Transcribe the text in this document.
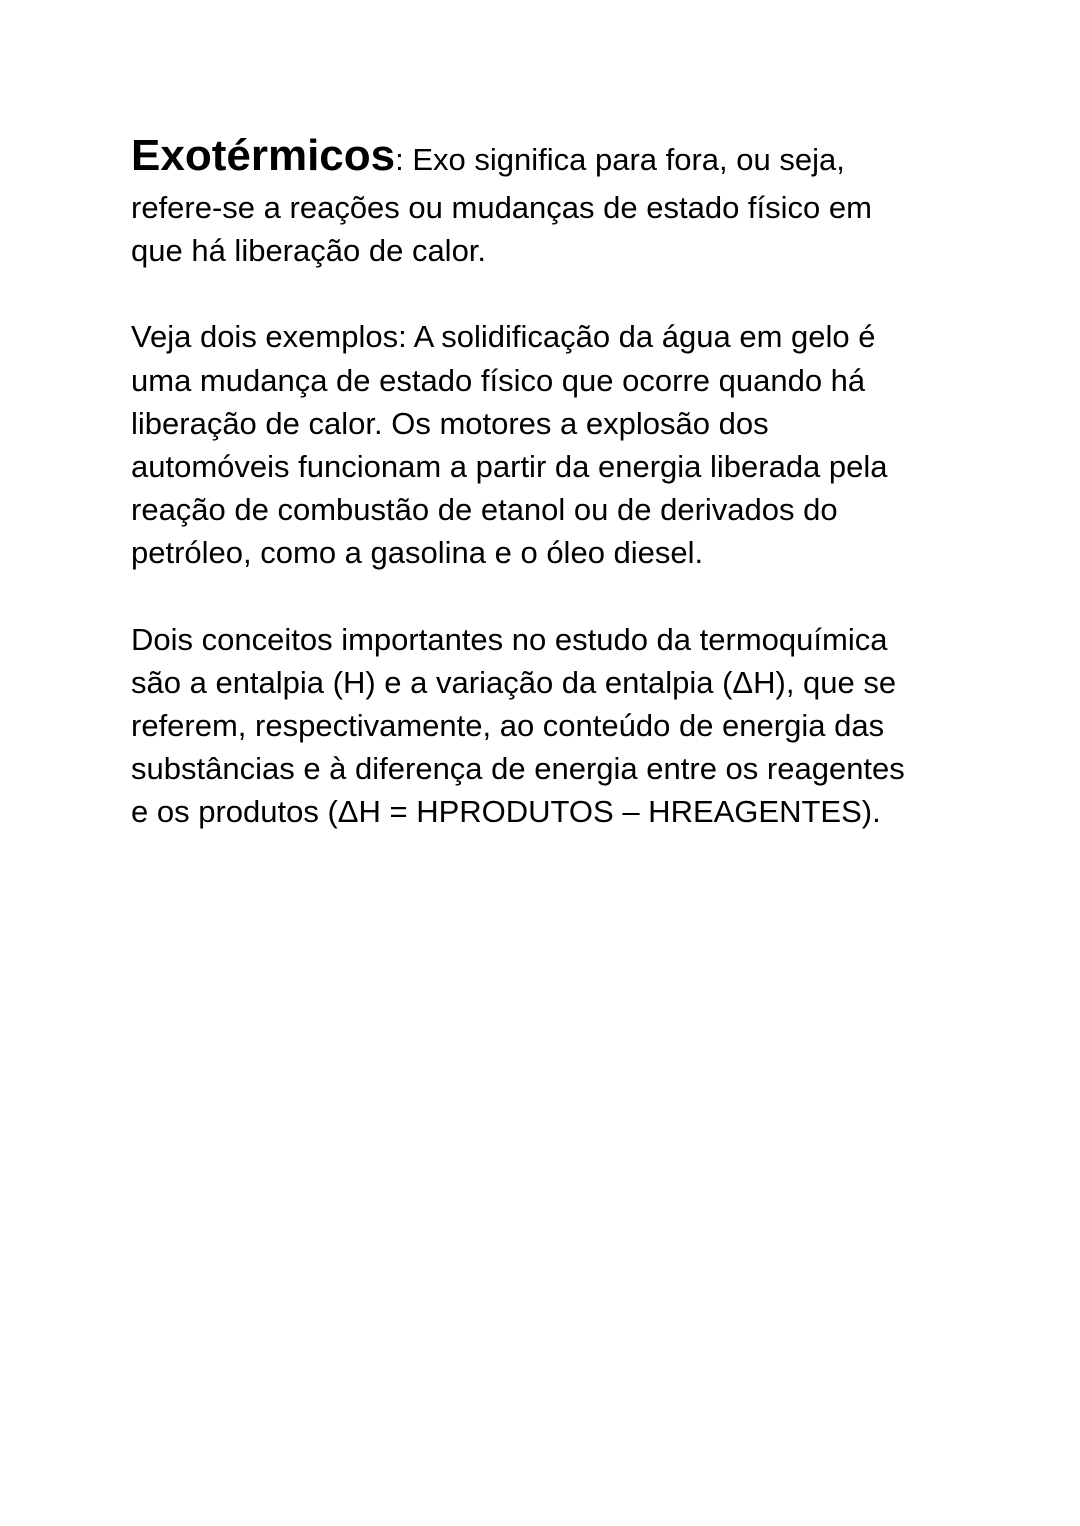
Exotérmicos: Exo significa para fora, ou seja,
refere-se a reações ou mudanças de estado físico em
que há liberação de calor.
Veja dois exemplos: A solidificação da água em gelo é
uma mudança de estado físico que ocorre quando há
liberação de calor. Os motores a explosão dos
automóveis funcionam a partir da energia liberada pela
reação de combustão de etanol ou de derivados do
petróleo, como a gasolina e o óleo diesel.
Dois conceitos importantes no estudo da termoquímica
são a entalpia (H) e a variação da entalpia (ΔH), que se
referem, respectivamente, ao conteúdo de energia das
substâncias e à diferença de energia entre os reagentes
e os produtos (ΔH = HPRODUTOS – HREAGENTES).
